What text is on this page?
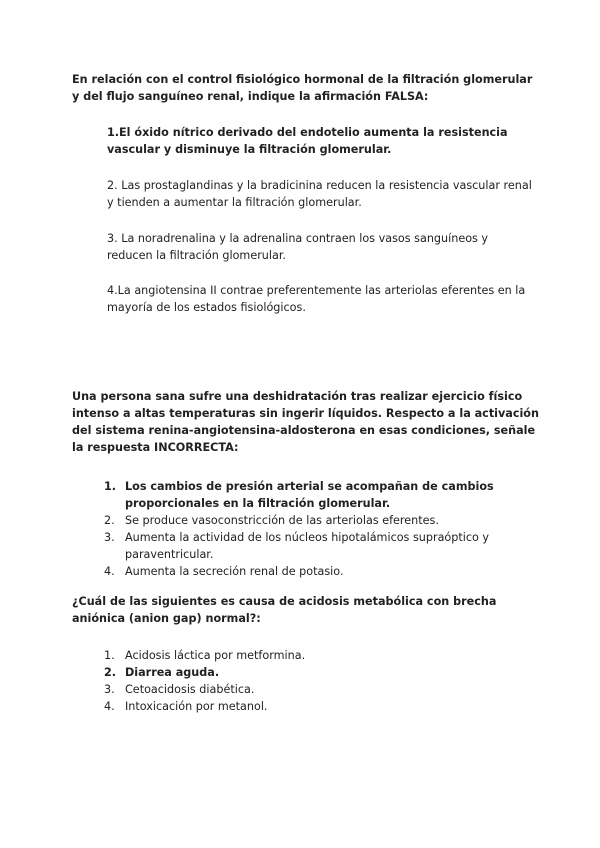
En relación con el control fisiológico hormonal de la filtración glomerular y del flujo sanguíneo renal, indique la afirmación FALSA:
1.El óxido nítrico derivado del endotelio aumenta la resistencia vascular y disminuye la filtración glomerular.
2. Las prostaglandinas y la bradicinina reducen la resistencia vascular renal y tienden a aumentar la filtración glomerular.
3. La noradrenalina y la adrenalina contraen los vasos sanguíneos y reducen la filtración glomerular.
4.La angiotensina II contrae preferentemente las arteriolas eferentes en la mayoría de los estados fisiológicos.
Una persona sana sufre una deshidratación tras realizar ejercicio físico intenso a altas temperaturas sin ingerir líquidos. Respecto a la activación del sistema renina-angiotensina-aldosterona en esas condiciones, señale la respuesta INCORRECTA:
1. Los cambios de presión arterial se acompañan de cambios proporcionales en la filtración glomerular.
2. Se produce vasoconstricción de las arteriolas eferentes.
3. Aumenta la actividad de los núcleos hipotalámicos supraóptico y paraventricular.
4. Aumenta la secreción renal de potasio.
¿Cuál de las siguientes es causa de acidosis metabólica con brecha aniónica (anion gap) normal?:
1. Acidosis láctica por metformina.
2. Diarrea aguda.
3. Cetoacidosis diabética.
4. Intoxicación por metanol.
